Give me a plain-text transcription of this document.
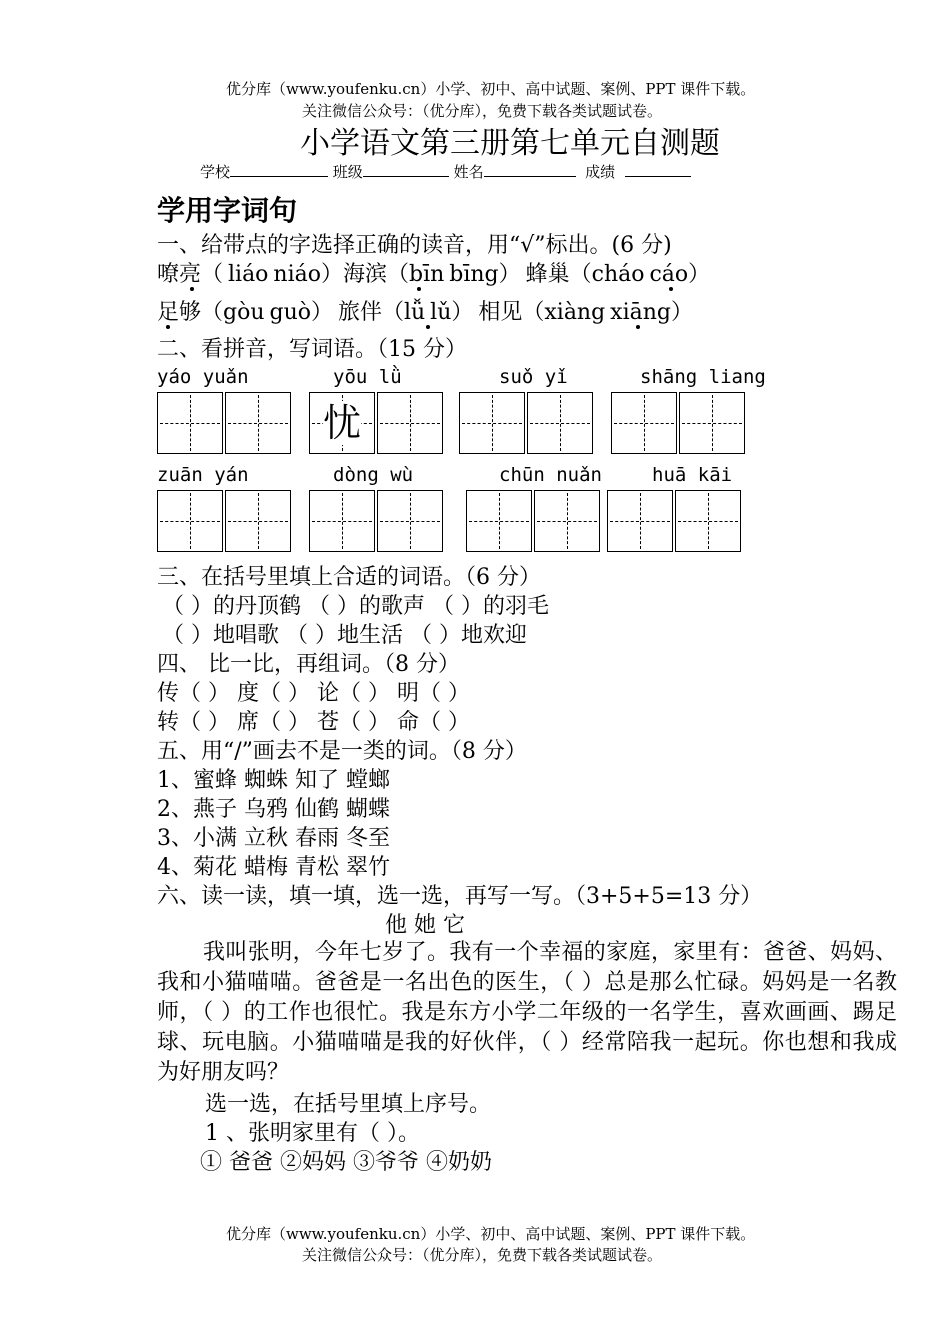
优分库（www.youfenku.cn）小学、初中、高中试题、案例、PPT 课件下载。
关注微信公众号：（优分库），免费下载各类试题试卷。
小学语文第三册第七单元自测题
学校	班级	姓名	成绩
学用字词句
一、给带点的字选择正确的读音，用“√”标出。(6 分)
嘹亮（ liáo niáo）海滨（bīn bīng） 蜂巢（cháo cáo）
足够（gòu guò） 旅伴（lǚ lǔ） 相见（xiàng xiāng）
二、看拼音，写词语。（15 分）
yáo yuǎn	yōu lǜ	suǒ yǐ	shāng liang
忧
zuān yán	dòng wù	chūn nuǎn	huā kāi
三、在括号里填上合适的词语。（6 分）
（ ）的丹顶鹤 （ ）的歌声 （ ）的羽毛
（ ）地唱歌 （ ）地生活 （ ）地欢迎
四、 比一比，再组词。（8 分）
传（ ） 度（ ） 论（ ） 明（ ）
转（ ） 席（ ） 苍（ ） 命（ ）
五、用“/”画去不是一类的词。（8 分）
1、蜜蜂 蜘蛛 知了 螳螂
2、燕子 乌鸦 仙鹤 蝴蝶
3、小满 立秋 春雨 冬至
4、菊花 蜡梅 青松 翠竹
六、读一读，填一填，选一选，再写一写。（3+5+5=13 分）
他 她 它
我叫张明，今年七岁了。我有一个幸福的家庭，家里有：爸爸、妈妈、我和小猫喵喵。爸爸是一名出色的医生，（ ）总是那么忙碌。妈妈是一名教师，（ ）的工作也很忙。我是东方小学二年级的一名学生，喜欢画画、踢足球、玩电脑。小猫喵喵是我的好伙伴，（ ）经常陪我一起玩。你也想和我成为好朋友吗？
选一选，在括号里填上序号。
1 、张明家里有（ ）。
① 爸爸 ②妈妈 ③爷爷 ④奶奶
优分库（www.youfenku.cn）小学、初中、高中试题、案例、PPT 课件下载。
关注微信公众号：（优分库），免费下载各类试题试卷。
